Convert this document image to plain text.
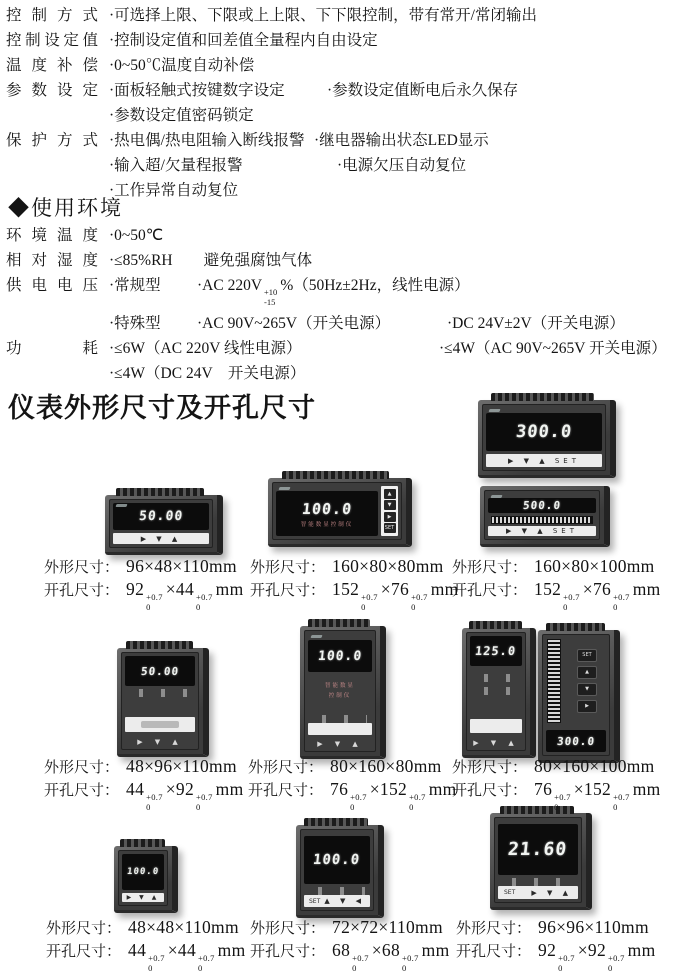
控制方式 ·可选择上限、下限或上上限、下下限控制，带有常开/常闭输出
控制设定值 ·控制设定值和回差值全量程内自由设定
温度补偿 ·0~50℃温度自动补偿
参数设定 ·面板轻触式按键数字设定	·参数设定值断电后永久保存
·参数设定值密码锁定
保护方式 ·热电偶/热电阻输入断线报警 ·继电器输出状态LED显示
·输入超/欠量程报警	·电源欠压自动复位
·工作异常自动复位
◆使用环境
环境温度 ·0~50℃
相对湿度 ·≤85%RH　　避免强腐蚀气体
供电电压 ·常规型 ·AC 220V +10
-15
%（50Hz±2Hz，线性电源）
·特殊型 ·AC 90V~265V（开关电源）	·DC 24V±2V（开关电源）
功耗 ·≤6W（AC 220V 线性电源）	·≤4W（AC 90V~265V 开关电源）
·≤4W（DC 24V　开关电源）
仪表外形尺寸及开孔尺寸
50.00
▶ ▼ ▲
100.0
智能数显控制仪
▲
▼
▶
SET
300.0
▶ ▼ ▲ SET
500.0
▶ ▼ ▲ SET
50.00
▶ ▼ ▲
100.0
智能数显
控制仪
▶ ▼ ▲
125.0
▶ ▼ ▲
SET
▲
▼
▶
300.0
100.0
▶ ▼ ▲
100.0
SET ▲ ▼ ◀
21.60
SET ▶ ▼ ▲
外形尺寸： 96×48×110mm
开孔尺寸： 92 +0.7
0
×44 +0.7
0
mm
外形尺寸： 160×80×80mm
开孔尺寸： 152 +0.7
0
×76 +0.7
0
mm
外形尺寸： 160×80×100mm
开孔尺寸： 152 +0.7
0
×76 +0.7
0
mm
外形尺寸： 48×96×110mm
开孔尺寸： 44 +0.7
0
×92 +0.7
0
mm
外形尺寸： 80×160×80mm
开孔尺寸： 76 +0.7
0
×152 +0.7
0
mm
外形尺寸： 80×160×100mm
开孔尺寸： 76 +0.7
0
×152 +0.7
0
mm
外形尺寸： 48×48×110mm
开孔尺寸： 44 +0.7
0
×44 +0.7
0
mm
外形尺寸： 72×72×110mm
开孔尺寸： 68 +0.7
0
×68 +0.7
0
mm
外形尺寸： 96×96×110mm
开孔尺寸： 92 +0.7
0
×92 +0.7
0
mm
